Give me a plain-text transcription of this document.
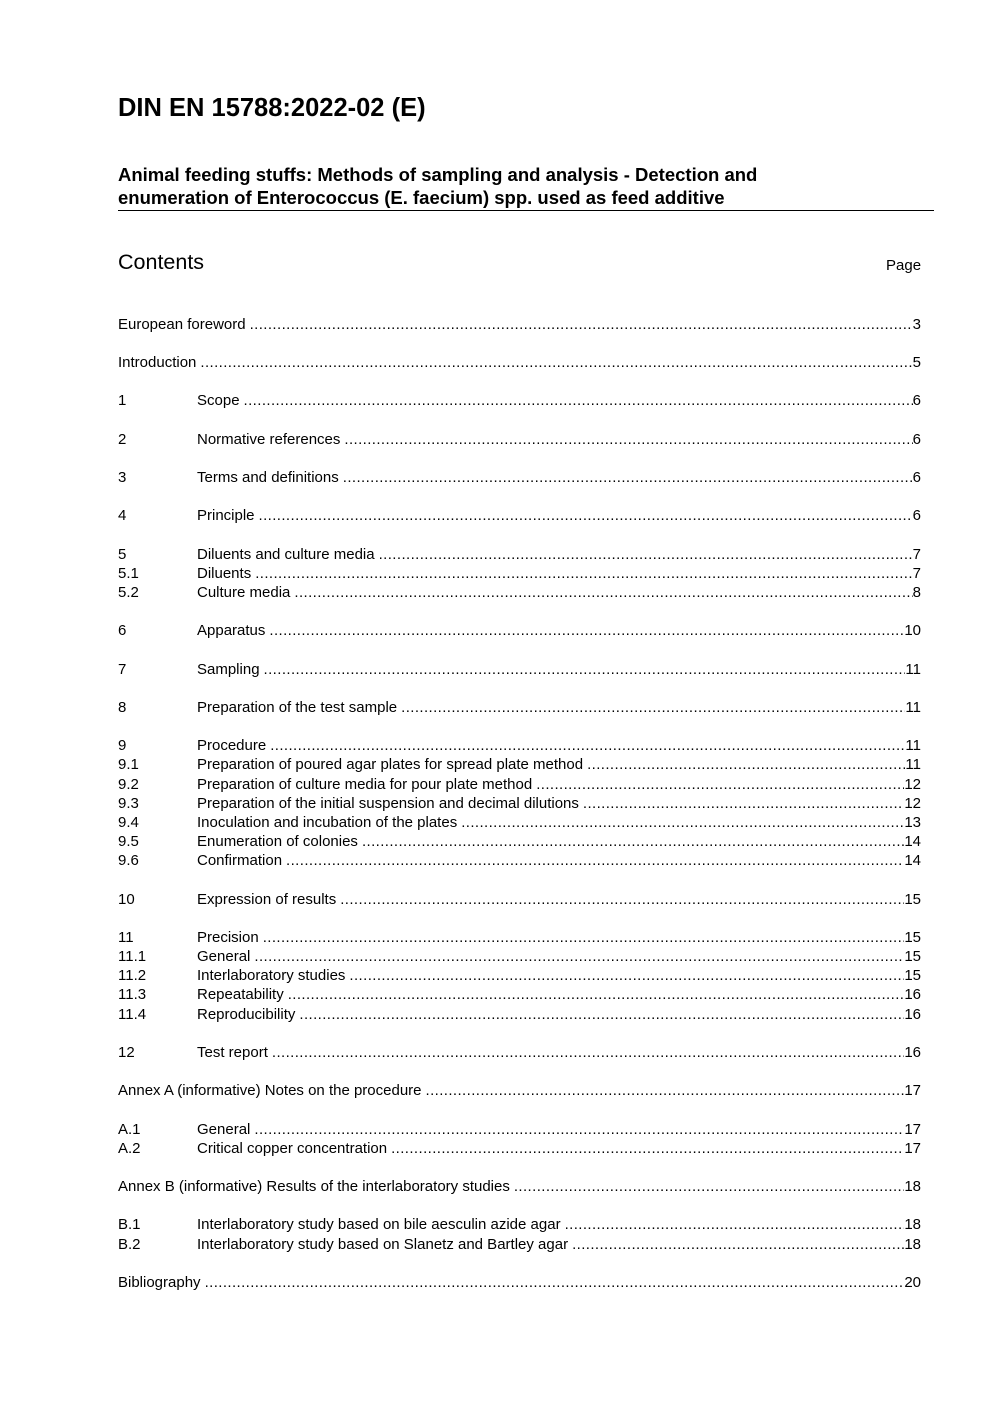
DIN EN 15788:2022-02 (E)
Animal feeding stuffs: Methods of sampling and analysis - Detection and
enumeration of Enterococcus (E. faecium) spp. used as feed additive
Contents	Page
European foreword .....	3
Introduction .....	5
1	Scope .....	6
2	Normative references .....	6
3	Terms and definitions .....	6
4	Principle .....	6
5	Diluents and culture media .....	7
5.1	Diluents .....	7
5.2	Culture media .....	8
6	Apparatus .....	10
7	Sampling .....	11
8	Preparation of the test sample .....	11
9	Procedure .....	11
9.1	Preparation of poured agar plates for spread plate method .....	11
9.2	Preparation of culture media for pour plate method .....	12
9.3	Preparation of the initial suspension and decimal dilutions .....	12
9.4	Inoculation and incubation of the plates .....	13
9.5	Enumeration of colonies .....	14
9.6	Confirmation .....	14
10	Expression of results .....	15
11	Precision .....	15
11.1	General .....	15
11.2	Interlaboratory studies .....	15
11.3	Repeatability .....	16
11.4	Reproducibility .....	16
12	Test report .....	16
Annex A (informative) Notes on the procedure .....	17
A.1	General .....	17
A.2	Critical copper concentration .....	17
Annex B (informative) Results of the interlaboratory studies .....	18
B.1	Interlaboratory study based on bile aesculin azide agar .....	18
B.2	Interlaboratory study based on Slanetz and Bartley agar .....	18
Bibliography .....	20
